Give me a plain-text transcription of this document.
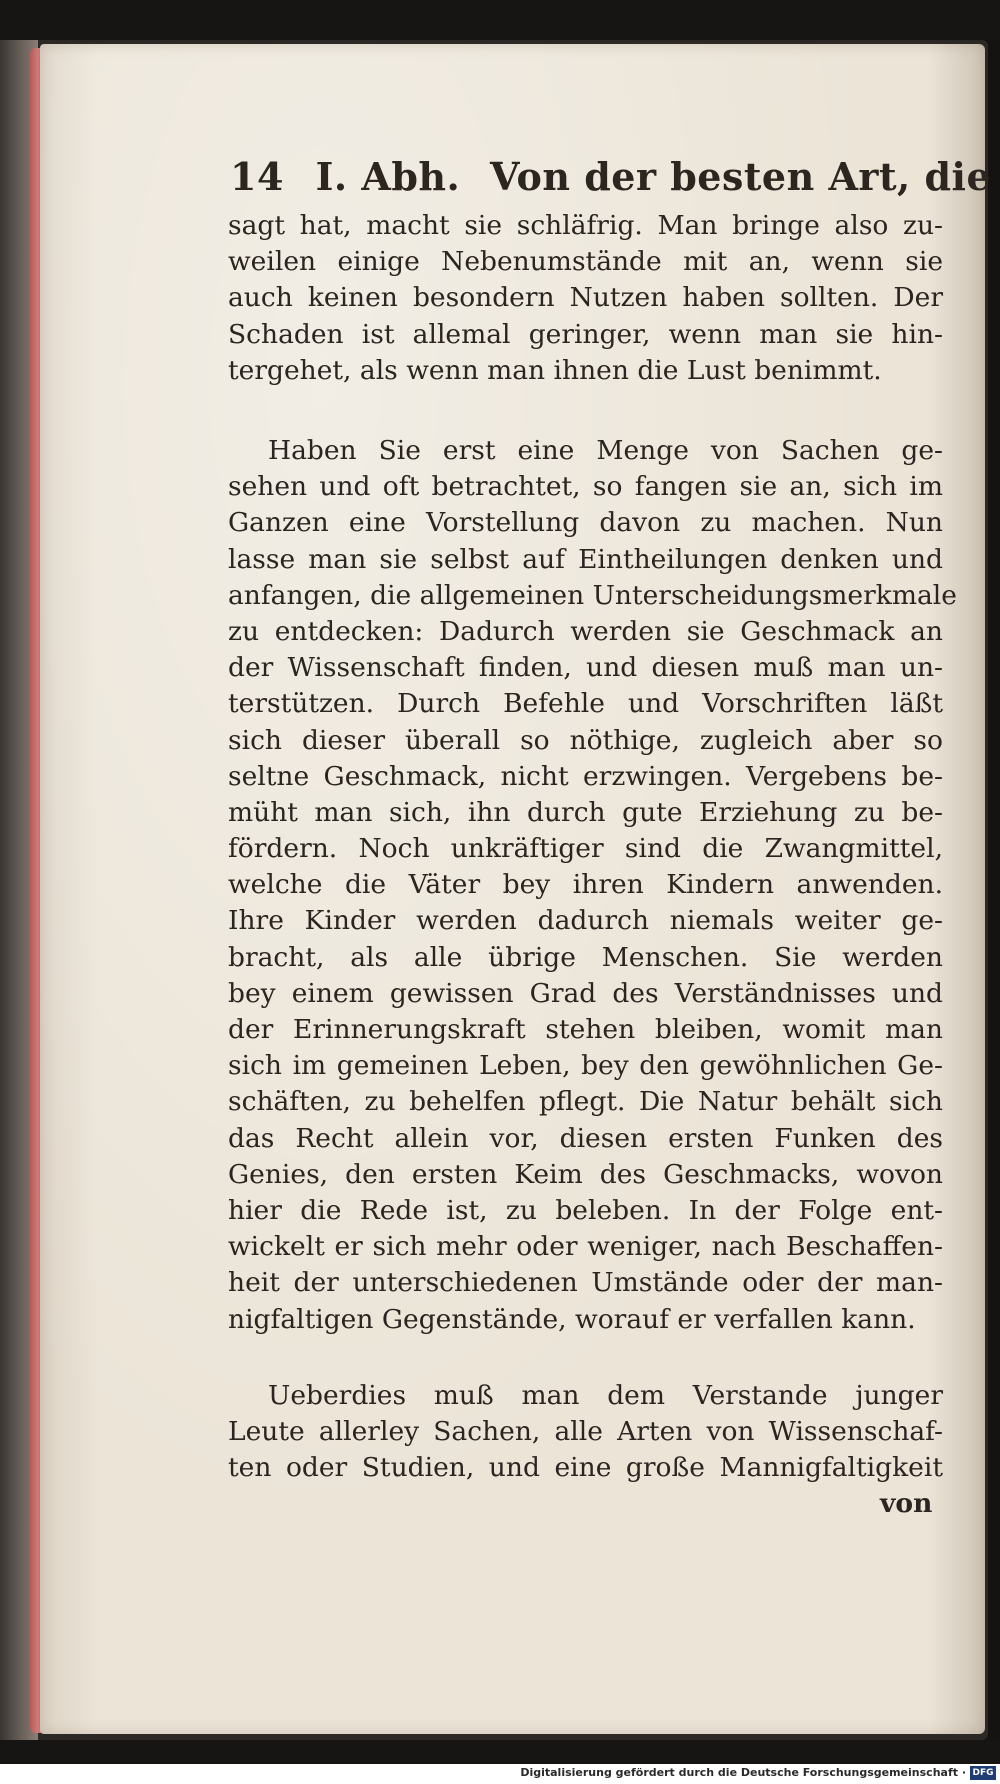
14 I. Abh. Von der besten Art, die
sagt hat, macht sie schläfrig. Man bringe also zu-
weilen einige Nebenumstände mit an, wenn sie
auch keinen besondern Nutzen haben sollten. Der
Schaden ist allemal geringer, wenn man sie hin-
tergehet, als wenn man ihnen die Lust benimmt.
Haben Sie erst eine Menge von Sachen ge-
sehen und oft betrachtet, so fangen sie an, sich im
Ganzen eine Vorstellung davon zu machen. Nun
lasse man sie selbst auf Eintheilungen denken und
anfangen, die allgemeinen Unterscheidungsmerkmale
zu entdecken: Dadurch werden sie Geschmack an
der Wissenschaft finden, und diesen muß man un-
terstützen. Durch Befehle und Vorschriften läßt
sich dieser überall so nöthige, zugleich aber so
seltne Geschmack, nicht erzwingen. Vergebens be-
müht man sich, ihn durch gute Erziehung zu be-
fördern. Noch unkräftiger sind die Zwangmittel,
welche die Väter bey ihren Kindern anwenden.
Ihre Kinder werden dadurch niemals weiter ge-
bracht, als alle übrige Menschen. Sie werden
bey einem gewissen Grad des Verständnisses und
der Erinnerungskraft stehen bleiben, womit man
sich im gemeinen Leben, bey den gewöhnlichen Ge-
schäften, zu behelfen pflegt. Die Natur behält sich
das Recht allein vor, diesen ersten Funken des
Genies, den ersten Keim des Geschmacks, wovon
hier die Rede ist, zu beleben. In der Folge ent-
wickelt er sich mehr oder weniger, nach Beschaffen-
heit der unterschiedenen Umstände oder der man-
nigfaltigen Gegenstände, worauf er verfallen kann.
Ueberdies muß man dem Verstande junger
Leute allerley Sachen, alle Arten von Wissenschaf-
ten oder Studien, und eine große Mannigfaltigkeit
von
Digitalisierung gefördert durch die Deutsche Forschungsgemeinschaft · DFG
